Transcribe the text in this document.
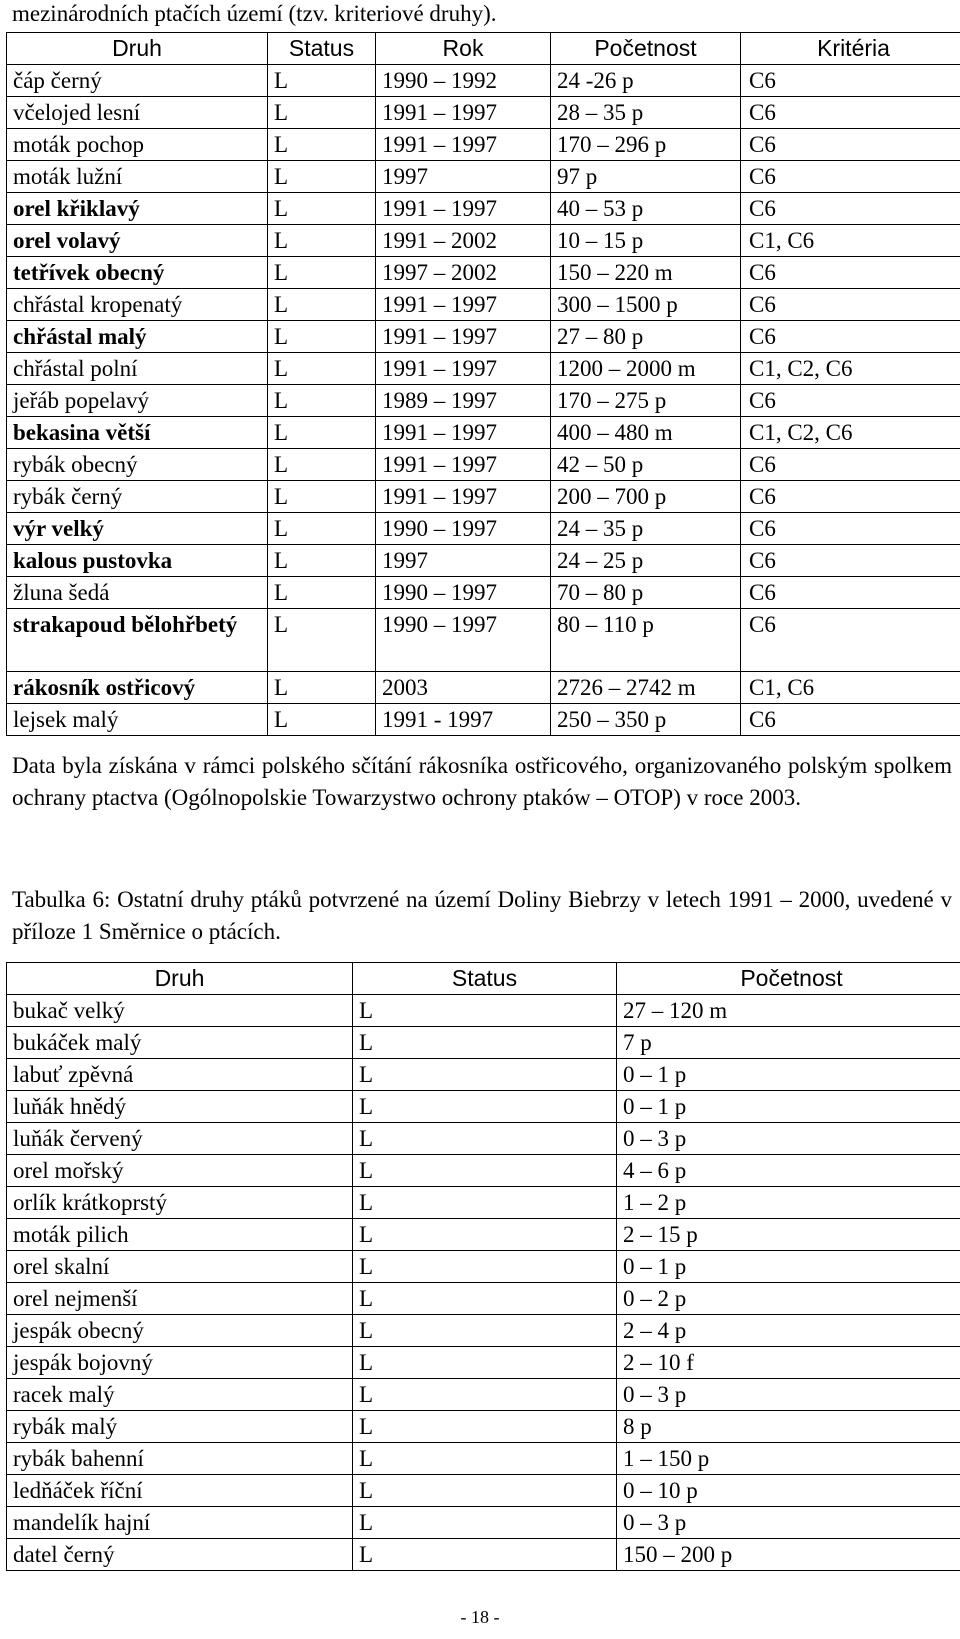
mezinárodních ptačích území (tzv. kriteriové druhy).
Druh	Status	Rok	Početnost	Kritéria
čáp černý	L	1990 – 1992	24 -26 p	C6
včelojed lesní	L	1991 – 1997	28 – 35 p	C6
moták pochop	L	1991 – 1997	170 – 296 p	C6
moták lužní	L	1997	97 p	C6
orel křiklavý	L	1991 – 1997	40 – 53 p	C6
orel volavý	L	1991 – 2002	10 – 15 p	C1, C6
tetřívek obecný	L	1997 – 2002	150 – 220 m	C6
chřástal kropenatý	L	1991 – 1997	300 – 1500 p	C6
chřástal malý	L	1991 – 1997	27 – 80 p	C6
chřástal polní	L	1991 – 1997	1200 – 2000 m	C1, C2, C6
jeřáb popelavý	L	1989 – 1997	170 – 275 p	C6
bekasina větší	L	1991 – 1997	400 – 480 m	C1, C2, C6
rybák obecný	L	1991 – 1997	42 – 50 p	C6
rybák černý	L	1991 – 1997	200 – 700 p	C6
výr velký	L	1990 – 1997	24 – 35 p	C6
kalous pustovka	L	1997	24 – 25 p	C6
žluna šedá	L	1990 – 1997	70 – 80 p	C6
strakapoud bělohřbetý	L	1990 – 1997	80 – 110 p	C6
rákosník ostřicový	L	2003	2726 – 2742 m	C1, C6
lejsek malý	L	1991 - 1997	250 – 350 p	C6
Data byla získána v rámci polského sčítání rákosníka ostřicového, organizovaného polským spolkem ochrany ptactva (Ogólnopolskie Towarzystwo ochrony ptaków – OTOP) v roce 2003.
Tabulka 6: Ostatní druhy ptáků potvrzené na území Doliny Biebrzy v letech 1991 – 2000, uvedené v příloze 1 Směrnice o ptácích.
Druh	Status	Početnost
bukač velký	L	27 – 120 m
bukáček malý	L	7 p
labuť zpěvná	L	0 – 1 p
luňák hnědý	L	0 – 1 p
luňák červený	L	0 – 3 p
orel mořský	L	4 – 6 p
orlík krátkoprstý	L	1 – 2 p
moták pilich	L	2 – 15 p
orel skalní	L	0 – 1 p
orel nejmenší	L	0 – 2 p
jespák obecný	L	2 – 4 p
jespák bojovný	L	2 – 10 f
racek malý	L	0 – 3 p
rybák malý	L	8 p
rybák bahenní	L	1 – 150 p
ledňáček říční	L	0 – 10 p
mandelík hajní	L	0 – 3 p
datel černý	L	150 – 200 p
- 18 -
